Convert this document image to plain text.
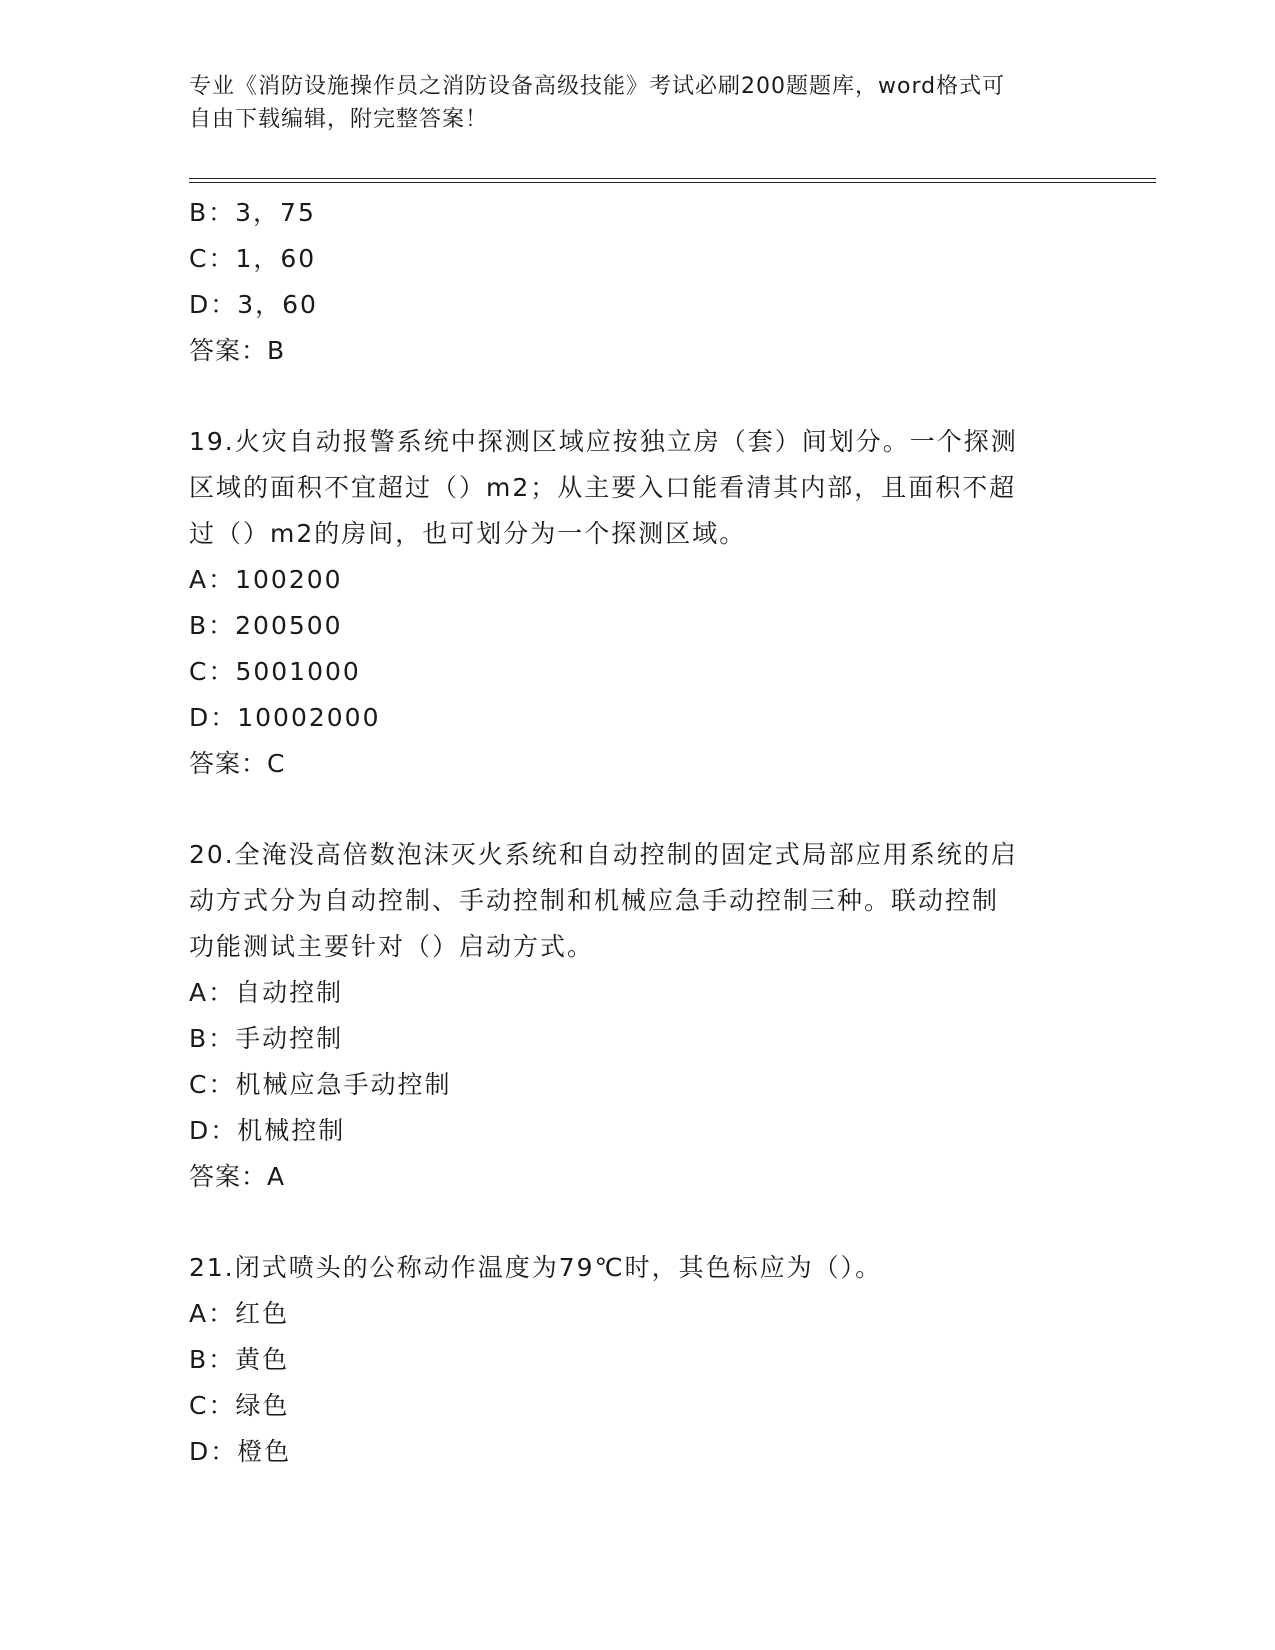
专业《消防设施操作员之消防设备高级技能》考试必刷200题题库，word格式可
自由下载编辑，附完整答案！
B：3，75
C：1，60
D：3，60
答案：B
19.火灾自动报警系统中探测区域应按独立房（套）间划分。一个探测
区域的面积不宜超过（）m2；从主要入口能看清其内部，且面积不超
过（）m2的房间，也可划分为一个探测区域。
A：100200
B：200500
C：5001000
D：10002000
答案：C
20.全淹没高倍数泡沫灭火系统和自动控制的固定式局部应用系统的启
动方式分为自动控制、手动控制和机械应急手动控制三种。联动控制
功能测试主要针对（）启动方式。
A：自动控制
B：手动控制
C：机械应急手动控制
D：机械控制
答案：A
21.闭式喷头的公称动作温度为79℃时，其色标应为（）。
A：红色
B：黄色
C：绿色
D：橙色
